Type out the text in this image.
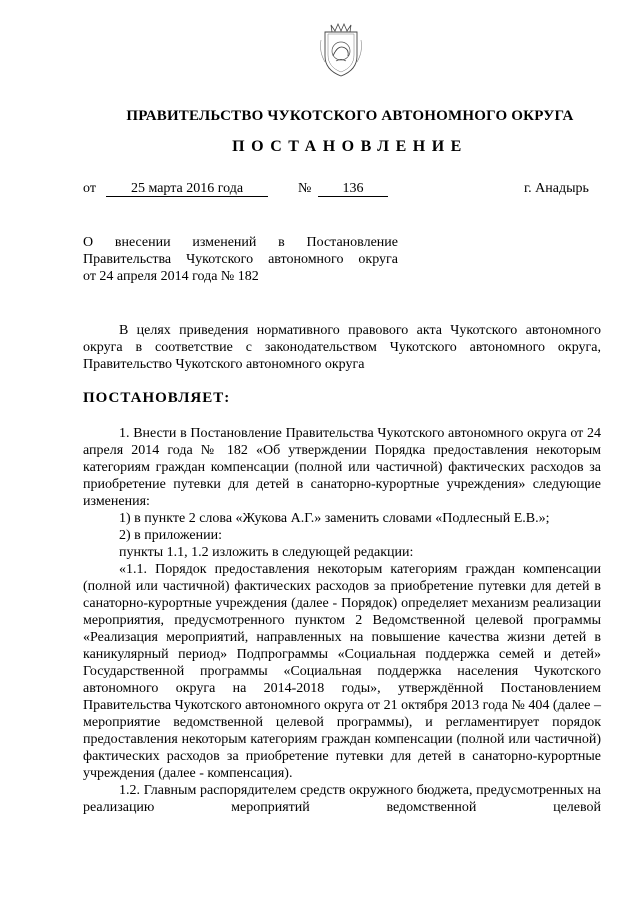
ПРАВИТЕЛЬСТВО ЧУКОТСКОГО АВТОНОМНОГО ОКРУГА
ПОСТАНОВЛЕНИЕ
от	25 марта 2016 года	№	136	г. Анадырь
О внесении изменений в Постановление
Правительства Чукотского автономного округа
от 24 апреля 2014 года № 182

В целях приведения нормативного правового акта Чукотского автономного округа в соответствие с законодательством Чукотского автономного округа, Правительство Чукотского автономного округа

ПОСТАНОВЛЯЕТ:

1. Внести в Постановление Правительства Чукотского автономного округа от 24 апреля 2014 года № 182 «Об утверждении Порядка предоставления некоторым категориям граждан компенсации (полной или частичной) фактических расходов за приобретение путевки для детей в санаторно-курортные учреждения» следующие изменения:

1) в пункте 2 слова «Жукова А.Г.» заменить словами «Подлесный Е.В.»;

2) в приложении:

пункты 1.1, 1.2 изложить в следующей редакции:

«1.1. Порядок предоставления некоторым категориям граждан компенсации (полной или частичной) фактических расходов за приобретение путевки для детей в санаторно-курортные учреждения (далее - Порядок) определяет механизм реализации мероприятия, предусмотренного пунктом 2 Ведомственной целевой программы «Реализация мероприятий, направленных на повышение качества жизни детей в каникулярный период» Подпрограммы «Социальная поддержка семей и детей» Государственной программы «Социальная поддержка населения Чукотского автономного округа на 2014-2018 годы», утверждённой Постановлением Правительства Чукотского автономного округа от 21 октября 2013 года № 404 (далее – мероприятие ведомственной целевой программы), и регламентирует порядок предоставления некоторым категориям граждан компенсации (полной или частичной) фактических расходов за приобретение путевки для детей в санаторно-курортные учреждения (далее - компенсация).

1.2. Главным распорядителем средств окружного бюджета, предусмотренных на реализацию мероприятий ведомственной целевой
